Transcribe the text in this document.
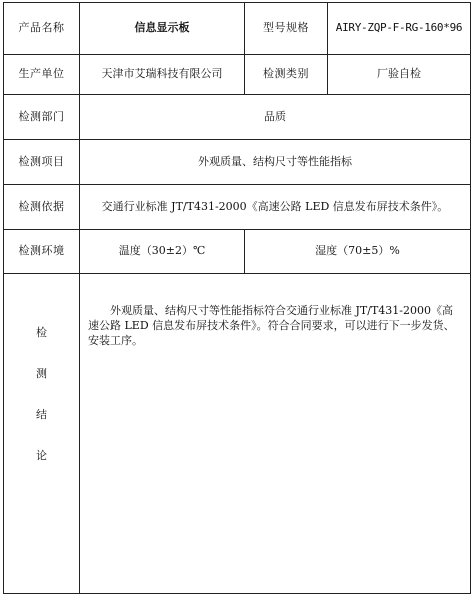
产品名称	信息显示板	型号规格	AIRY-ZQP-F-RG-160*96
生产单位	天津市艾瑞科技有限公司	检测类别	厂验自检
检测部门	品质		
检测项目	外观质量、结构尺寸等性能指标		
检测依据	交通行业标准 JT/T431-2000《高速公路 LED 信息发布屏技术条件》。		
检测环境	温度（30±2）℃	湿度（70±5）%	

检
测
结
论	外观质量、结构尺寸等性能指标符合交通行业标准 JT/T431-2000《高速公路 LED 信息发布屏技术条件》。符合合同要求，可以进行下一步发货、安装工序。		
